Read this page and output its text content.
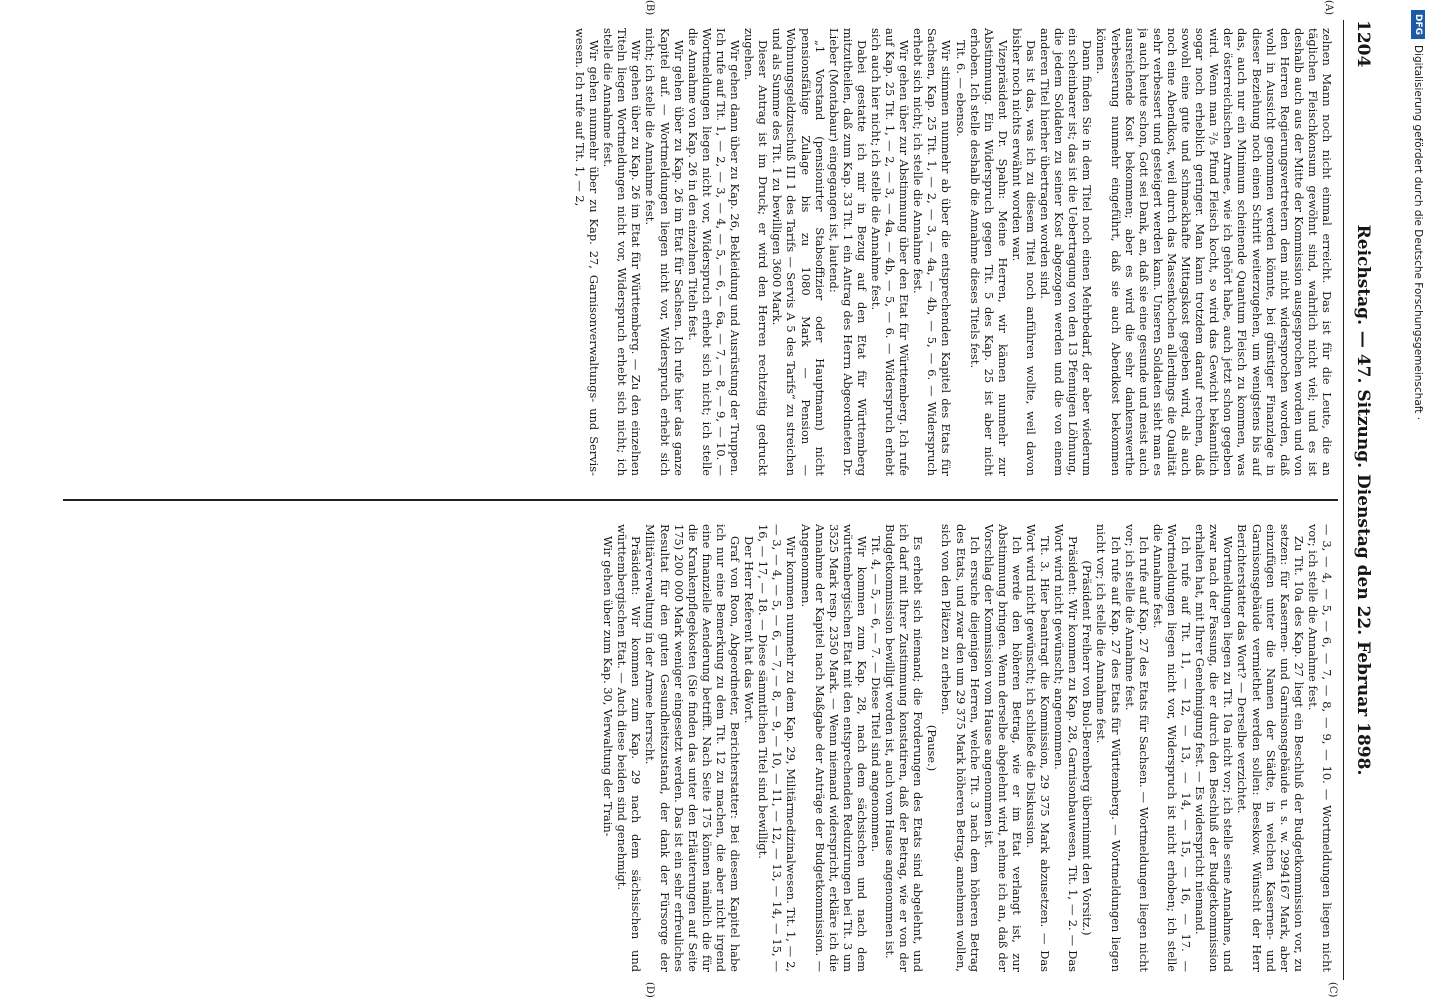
1204
Reichstag. — 47. Sitzung. Dienstag den 22. Februar 1898.
(A)
(B)
(C)
(D)

zelnen Mann noch nicht einmal erreicht. Das ist für die Leute, die an täglichen Fleischkonsum gewöhnt sind, wahrlich nicht viel; und es ist deshalb auch aus der Mitte der Kommission ausgesprochen worden und von den Herren Regierungsvertretern dem nicht widersprochen worden, daß wohl in Aussicht genommen werden könnte, bei günstiger Finanzlage in dieser Beziehung noch einen Schritt weiterzugehen, um wenigstens bis auf das, auch nur ein Minimum scheinende Quantum Fleisch zu kommen, was der österreichischen Armee, wie ich gehört habe, auch jetzt schon gegeben wird. Wenn man ²/₅ Pfund Fleisch kocht, so wird das Gewicht bekanntlich sogar noch erheblich geringer. Man kann trotzdem darauf rechnen, daß sowohl eine gute und schmackhafte Mittagskost gegeben wird, als auch noch eine Abendkost, weil durch das Massenkochen allerdings die Qualität sehr verbessert und gesteigert werden kann. Unseren Soldaten sieht man es ja auch heute schon, Gott sei Dank, an, daß sie eine gesunde und meist auch ausreichende Kost bekommen; aber es wird die sehr dankenswerthe Verbesserung nunmehr eingeführt, daß sie auch Abendkost bekommen können.

Dann finden Sie in dem Titel noch einen Mehrbedarf, der aber wiederum ein scheinbarer ist; das ist die Uebertragung von den 13 Pfennigen Löhnung, die jedem Soldaten zu seiner Kost abgezogen werden und die von einem anderen Titel hierher übertragen worden sind.

Das ist das, was ich zu diesem Titel noch anführen wollte, weil davon bisher noch nichts erwähnt worden war.

Vizepräsident Dr. Spahn: Meine Herren, wir kämen nunmehr zur Abstimmung. Ein Widerspruch gegen Tit. 5 des Kap. 25 ist aber nicht erhoben. Ich stelle deshalb die Annahme dieses Titels fest.

Tit. 6. — ebenso.

Wir stimmen nunmehr ab über die entsprechenden Kapitel des Etats für Sachsen, Kap. 25 Tit. 1, — 2, — 3, — 4a, — 4b, — 5, — 6. — Widerspruch erhebt sich nicht; ich stelle die Annahme fest.

Wir gehen über zur Abstimmung über den Etat für Württemberg. Ich rufe auf Kap. 25 Tit. 1, — 2, — 3, — 4a, — 4b, — 5, — 6. — Widerspruch erhebt sich auch hier nicht; ich stelle die Annahme fest.

Dabei gestatte ich mir in Bezug auf den Etat für Württemberg mitzutheilen, daß zum Kap. 33 Tit. 1 ein Antrag des Herrn Abgeordneten Dr. Lieber (Montabaur) eingegangen ist, lautend:

„1 Vorstand (pensionirter Stabsoffizier oder Hauptmann) nicht pensionsfähige Zulage bis zu 1080 Mark — Pension — Wohnungsgeldzuschuß III 1 des Tarifs — Servis A 5 des Tarifs“ zu streichen und als Summe des Tit. 1 zu bewilligen 3600 Mark.

Dieser Antrag ist im Druck; er wird den Herren rechtzeitig gedruckt zugehen.

Wir gehen dann über zu Kap. 26, Bekleidung und Ausrüstung der Truppen. Ich rufe auf Tit. 1, — 2, — 3, — 4, — 5, — 6, — 6a, — 7, — 8, — 9, — 10. — Wortmeldungen liegen nicht vor, Widerspruch erhebt sich nicht; ich stelle die Annahme von Kap. 26 in den einzelnen Titeln fest.

Wir gehen über zu Kap. 26 im Etat für Sachsen. Ich rufe hier das ganze Kapitel auf. — Wortmeldungen liegen nicht vor, Widerspruch erhebt sich nicht; ich stelle die Annahme fest.

Wir gehen über zu Kap. 26 im Etat für Württemberg. — Zu den einzelnen Titeln liegen Wortmeldungen nicht vor, Widerspruch erhebt sich nicht; ich stelle die Annahme fest.

Wir gehen nunmehr über zu Kap. 27, Garnisonverwaltungs- und Serviswesen. Ich rufe auf Tit. 1, — 2,

— 3, — 4, — 5, — 6, — 7, — 8, — 9, — 10. — Wortmeldungen liegen nicht vor; ich stelle die Annahme fest.

Zu Tit. 10a des Kap. 27 liegt ein Beschluß der Budgetkommission vor, zu setzen: für Kasernen- und Garnisonsgebäude u. s. w. 2994167 Mark, aber einzufügen unter die Namen der Städte, in welchen Kasernen- und Garnisonsgebäude vermiethet werden sollen: Beeskow. Wünscht der Herr Berichterstatter das Wort? — Derselbe verzichtet.

Wortmeldungen liegen zu Tit. 10a nicht vor; ich stelle seine Annahme, und zwar nach der Fassung, die er durch den Beschluß der Budgetkommission erhalten hat, mit Ihrer Genehmigung fest. — Es widerspricht niemand.

Ich rufe auf Tit. 11, — 12, — 13, — 14, — 15, — 16, — 17. — Wortmeldungen liegen nicht vor, Widerspruch ist nicht erhoben; ich stelle die Annahme fest.

Ich rufe auf Kap. 27 des Etats für Sachsen. — Wortmeldungen liegen nicht vor; ich stelle die Annahme fest.

Ich rufe auf Kap. 27 des Etats für Württemberg. — Wortmeldungen liegen nicht vor; ich stelle die Annahme fest.

(Präsident Freiherr von Buol-Berenberg übernimmt den Vorsitz.)

Präsident: Wir kommen zu Kap. 28, Garnisonbauwesen, Tit. 1, — 2. — Das Wort wird nicht gewünscht; angenommen.

Tit. 3. Hier beantragt die Kommission, 29 375 Mark abzusetzen. — Das Wort wird nicht gewünscht; ich schließe die Diskussion.

Ich werde den höheren Betrag, wie er im Etat verlangt ist, zur Abstimmung bringen. Wenn derselbe abgelehnt wird, nehme ich an, daß der Vorschlag der Kommission vom Hause angenommen ist.

Ich ersuche diejenigen Herren, welche Tit. 3 nach dem höheren Betrag des Etats, und zwar den um 29 375 Mark höheren Betrag, annehmen wollen, sich von den Plätzen zu erheben.

(Pause.)

Es erhebt sich niemand; die Forderungen des Etats sind abgelehnt, und ich darf mit Ihrer Zustimmung konstatiren, daß der Betrag, wie er von der Budgetkommission bewilligt worden ist, auch vom Hause angenommen ist.

Tit. 4, — 5, — 6, — 7. — Diese Titel sind angenommen.

Wir kommen zum Kap. 28, nach dem sächsischen und nach dem württembergischen Etat mit den entsprechenden Reduzirungen bei Tit. 3 um 3525 Mark resp. 2350 Mark. — Wenn niemand widerspricht, erkläre ich die Annahme der Kapitel nach Maßgabe der Anträge der Budgetkommission. — Angenommen.

Wir kommen nunmehr zu dem Kap. 29, Militärmedizinalwesen. Tit. 1, — 2, — 3, — 4, — 5, — 6, — 7, — 8, — 9, — 10, — 11, — 12, — 13, — 14, — 15, — 16, — 17, — 18. — Diese sämmtlichen Titel sind bewilligt.

Der Herr Referent hat das Wort.

Graf von Roon, Abgeordneter, Berichterstatter: Bei diesem Kapitel habe ich nur eine Bemerkung zu dem Tit. 12 zu machen, die aber nicht irgend eine finanzielle Aenderung betrifft. Nach Seite 175 können nämlich die für die Krankenpflegekosten (Sie finden das unter den Erläuterungen auf Seite 175) 200 000 Mark weniger eingesetzt werden. Das ist ein sehr erfreuliches Resultat für den guten Gesundheitszustand, der dank der Fürsorge der Militärverwaltung in der Armee herrscht.

Präsident: Wir kommen zum Kap. 29 nach dem sächsischen und württembergischen Etat. — Auch diese beiden sind genehmigt.

Wir gehen über zum Kap. 30, Verwaltung der Train-

DFG
Digitalisierung gefördert durch die Deutsche Forschungsgemeinschaft ·
